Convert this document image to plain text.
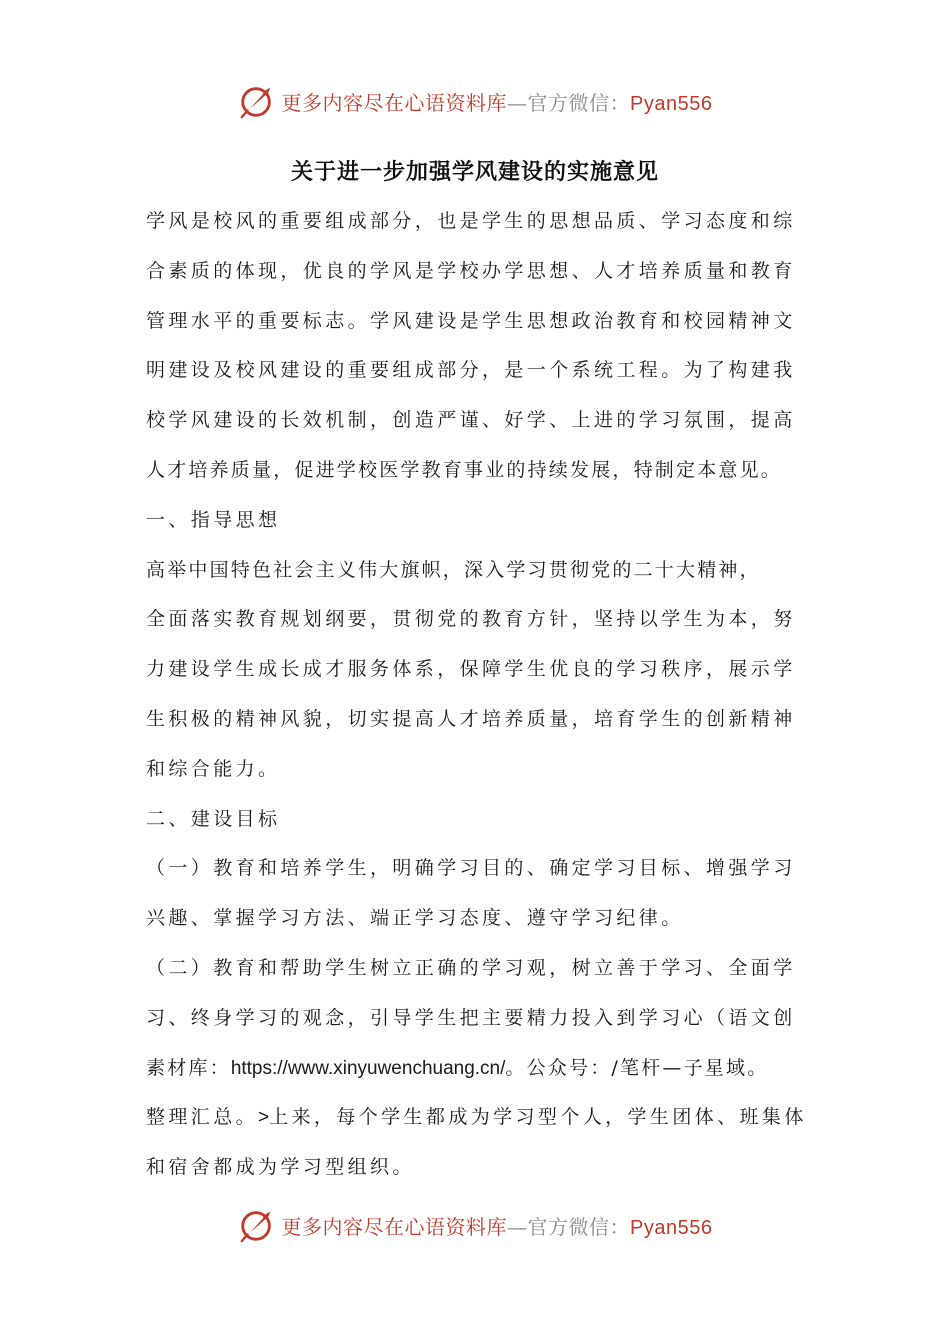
更多内容尽在心语资料库—官方微信：Pyan556
关于进一步加强学风建设的实施意见
学风是校风的重要组成部分，也是学生的思想品质、学习态度和综
合素质的体现，优良的学风是学校办学思想、人才培养质量和教育
管理水平的重要标志。学风建设是学生思想政治教育和校园精神文
明建设及校风建设的重要组成部分，是一个系统工程。为了构建我
校学风建设的长效机制，创造严谨、好学、上进的学习氛围，提高
人才培养质量，促进学校医学教育事业的持续发展，特制定本意见。
一、指导思想
高举中国特色社会主义伟大旗帜，深入学习贯彻党的二十大精神，
全面落实教育规划纲要，贯彻党的教育方针，坚持以学生为本，努
力建设学生成长成才服务体系，保障学生优良的学习秩序，展示学
生积极的精神风貌，切实提高人才培养质量，培育学生的创新精神
和综合能力。
二、建设目标
（一）教育和培养学生，明确学习目的、确定学习目标、增强学习
兴趣、掌握学习方法、端正学习态度、遵守学习纪律。
（二）教育和帮助学生树立正确的学习观，树立善于学习、全面学
习、终身学习的观念，引导学生把主要精力投入到学习心（语文创
素材库：https://www.xinyuwenchuang.cn/。公众号：/笔杆—子星域。
整理汇总。>上来，每个学生都成为学习型个人，学生团体、班集体
和宿舍都成为学习型组织。
更多内容尽在心语资料库—官方微信：Pyan556
